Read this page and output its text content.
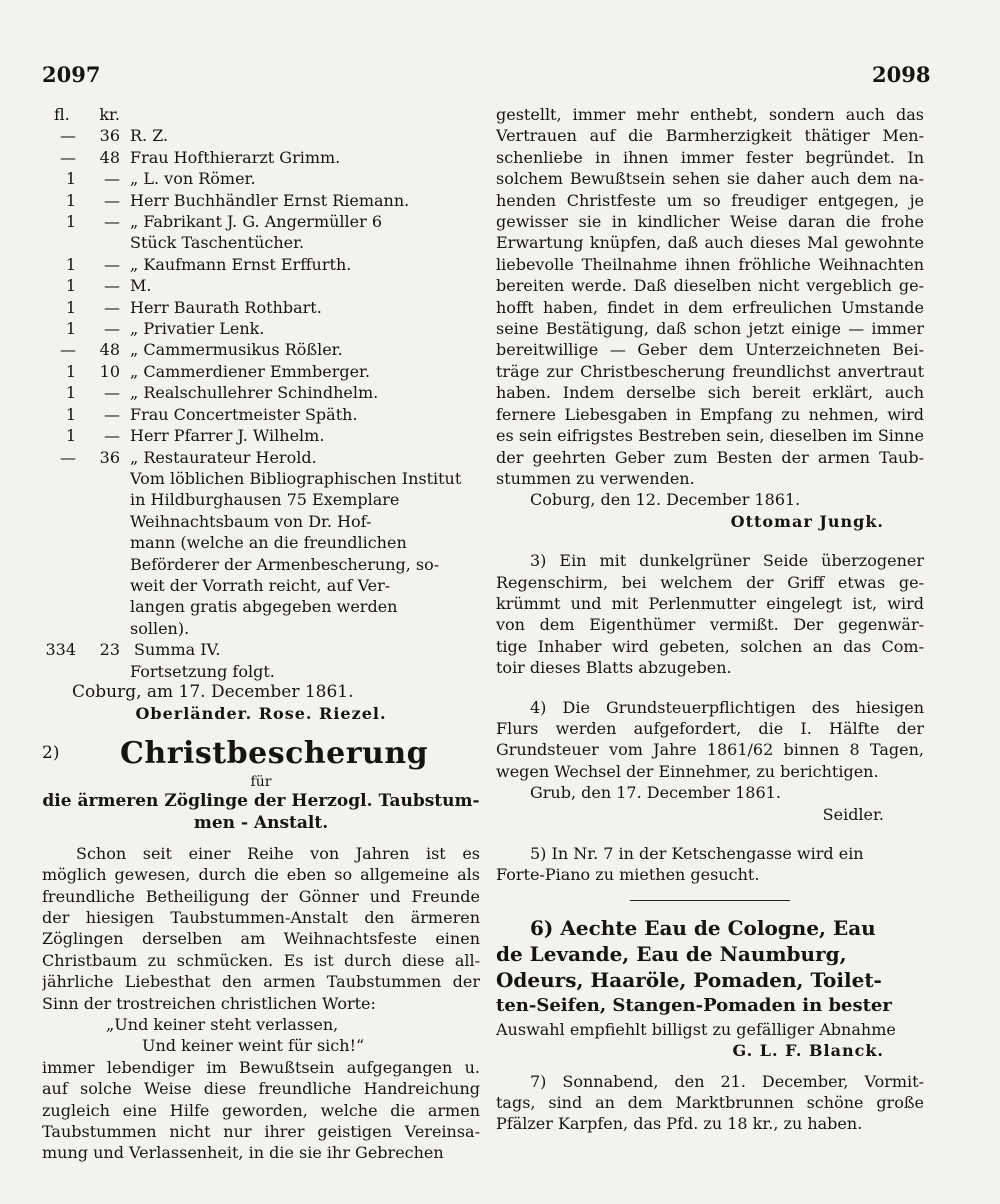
2097	2098
fl.	kr.
—	36 R. Z.
—	48 Frau Hofthierarzt Grimm.
1	— „ L. von Römer.
1	— Herr Buchhändler Ernst Riemann.
1	— „ Fabrikant J. G. Angermüller 6
Stück Taschentücher.
1	— „ Kaufmann Ernst Erffurth.
1	— M.
1	— Herr Baurath Rothbart.
1	— „ Privatier Lenk.
—	48 „ Cammermusikus Rößler.
1	10 „ Cammerdiener Emmberger.
1	— „ Realschullehrer Schindhelm.
1	— Frau Concertmeister Späth.
1	— Herr Pfarrer J. Wilhelm.
—	36 „ Restaurateur Herold.
Vom löblichen Bibliographischen Institut
in Hildburghausen 75 Exemplare
Weihnachtsbaum von Dr. Hof-
mann (welche an die freundlichen
Beförderer der Armenbescherung, so-
weit der Vorrath reicht, auf Ver-
langen gratis abgegeben werden
sollen).
334	23 Summa IV.
Fortsetzung folgt.
Coburg, am 17. December 1861.
Oberländer. Rose. Riezel.
2)	Christbescherung
für
die ärmeren Zöglinge der Herzogl. Taubstum-
men - Anstalt.
Schon seit einer Reihe von Jahren ist es
möglich gewesen, durch die eben so allgemeine als
freundliche Betheiligung der Gönner und Freunde
der hiesigen Taubstummen-Anstalt den ärmeren
Zöglingen derselben am Weihnachtsfeste einen
Christbaum zu schmücken. Es ist durch diese all-
jährliche Liebesthat den armen Taubstummen der
Sinn der trostreichen christlichen Worte:
„Und keiner steht verlassen,
Und keiner weint für sich!“
immer lebendiger im Bewußtsein aufgegangen u.
auf solche Weise diese freundliche Handreichung
zugleich eine Hilfe geworden, welche die armen
Taubstummen nicht nur ihrer geistigen Vereinsa-
mung und Verlassenheit, in die sie ihr Gebrechen
gestellt, immer mehr enthebt, sondern auch das
Vertrauen auf die Barmherzigkeit thätiger Men-
schenliebe in ihnen immer fester begründet. In
solchem Bewußtsein sehen sie daher auch dem na-
henden Christfeste um so freudiger entgegen, je
gewisser sie in kindlicher Weise daran die frohe
Erwartung knüpfen, daß auch dieses Mal gewohnte
liebevolle Theilnahme ihnen fröhliche Weihnachten
bereiten werde. Daß dieselben nicht vergeblich ge-
hofft haben, findet in dem erfreulichen Umstande
seine Bestätigung, daß schon jetzt einige — immer
bereitwillige — Geber dem Unterzeichneten Bei-
träge zur Christbescherung freundlichst anvertraut
haben. Indem derselbe sich bereit erklärt, auch
fernere Liebesgaben in Empfang zu nehmen, wird
es sein eifrigstes Bestreben sein, dieselben im Sinne
der geehrten Geber zum Besten der armen Taub-
stummen zu verwenden.
Coburg, den 12. December 1861.
Ottomar Jungk.
3) Ein mit dunkelgrüner Seide überzogener
Regenschirm, bei welchem der Griff etwas ge-
krümmt und mit Perlenmutter eingelegt ist, wird
von dem Eigenthümer vermißt. Der gegenwär-
tige Inhaber wird gebeten, solchen an das Com-
toir dieses Blatts abzugeben.
4) Die Grundsteuerpflichtigen des hiesigen
Flurs werden aufgefordert, die I. Hälfte der
Grundsteuer vom Jahre 1861/62 binnen 8 Tagen,
wegen Wechsel der Einnehmer, zu berichtigen.
Grub, den 17. December 1861.
Seidler.
5) In Nr. 7 in der Ketschengasse wird ein
Forte-Piano zu miethen gesucht.
6) Aechte Eau de Cologne, Eau
de Levande, Eau de Naumburg,
Odeurs, Haaröle, Pomaden, Toilet-
ten-Seifen, Stangen-Pomaden in bester
Auswahl empfiehlt billigst zu gefälliger Abnahme
G. L. F. Blanck.
7) Sonnabend, den 21. December, Vormit-
tags, sind an dem Marktbrunnen schöne große
Pfälzer Karpfen, das Pfd. zu 18 kr., zu haben.
